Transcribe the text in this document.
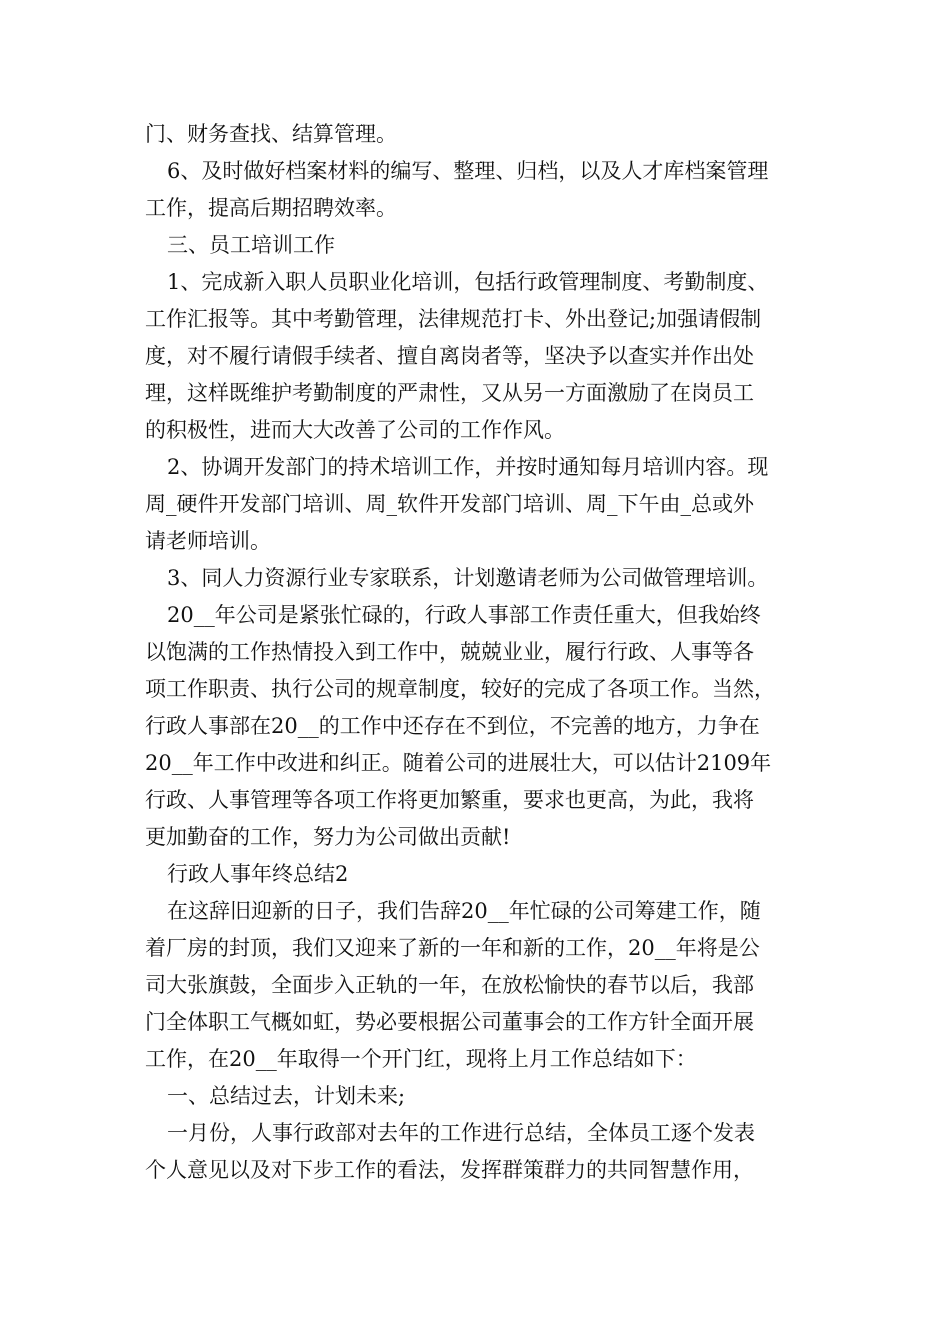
门、财务查找、结算管理。
6、及时做好档案材料的编写、整理、归档，以及人才库档案管理
工作，提高后期招聘效率。
三、员工培训工作
1、完成新入职人员职业化培训，包括行政管理制度、考勤制度、
工作汇报等。其中考勤管理，法律规范打卡、外出登记;加强请假制
度，对不履行请假手续者、擅自离岗者等，坚决予以查实并作出处
理，这样既维护考勤制度的严肃性，又从另一方面激励了在岗员工
的积极性，进而大大改善了公司的工作作风。
2、协调开发部门的持术培训工作，并按时通知每月培训内容。现
周_硬件开发部门培训、周_软件开发部门培训、周_下午由_总或外
请老师培训。
3、同人力资源行业专家联系，计划邀请老师为公司做管理培训。
20__年公司是紧张忙碌的，行政人事部工作责任重大，但我始终
以饱满的工作热情投入到工作中，兢兢业业，履行行政、人事等各
项工作职责、执行公司的规章制度，较好的完成了各项工作。当然，
行政人事部在20__的工作中还存在不到位，不完善的地方，力争在
20__年工作中改进和纠正。随着公司的进展壮大，可以估计2109年
行政、人事管理等各项工作将更加繁重，要求也更高，为此，我将
更加勤奋的工作，努力为公司做出贡献!
行政人事年终总结2
在这辞旧迎新的日子，我们告辞20__年忙碌的公司筹建工作，随
着厂房的封顶，我们又迎来了新的一年和新的工作，20__年将是公
司大张旗鼓，全面步入正轨的一年，在放松愉快的春节以后，我部
门全体职工气概如虹，势必要根据公司董事会的工作方针全面开展
工作，在20__年取得一个开门红，现将上月工作总结如下：
一、总结过去，计划未来;
一月份，人事行政部对去年的工作进行总结，全体员工逐个发表
个人意见以及对下步工作的看法，发挥群策群力的共同智慧作用，
